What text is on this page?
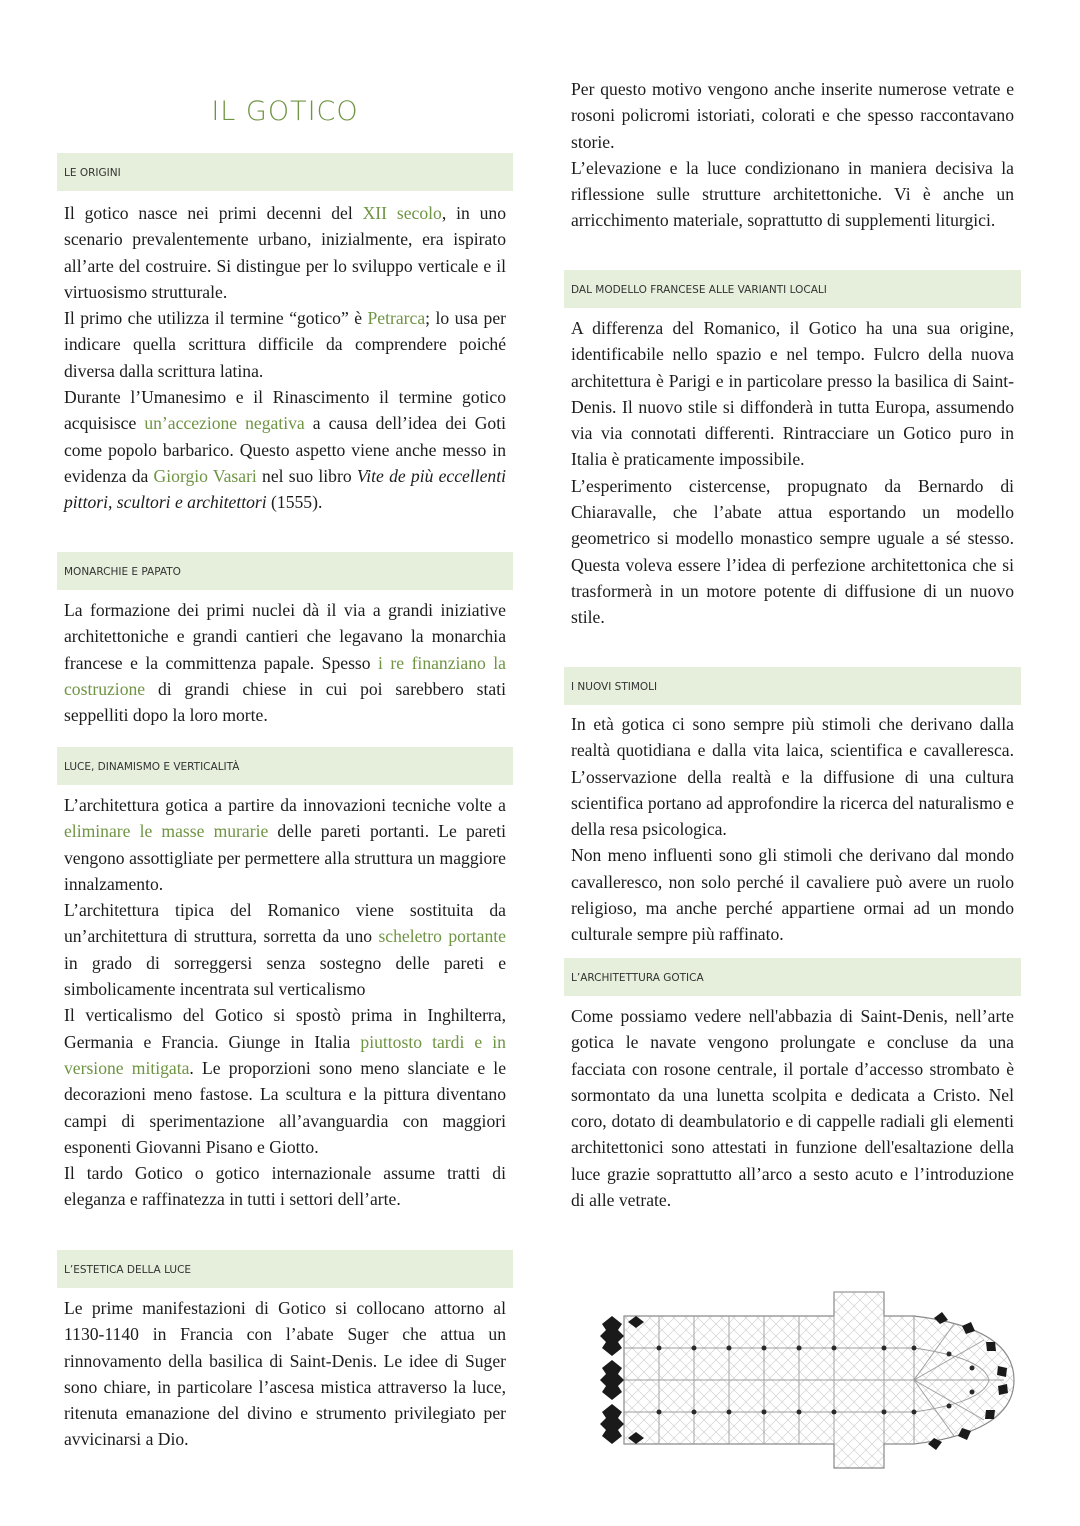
IL GOTICO
LE ORIGINI

Il gotico nasce nei primi decenni del XII secolo, in uno scenario prevalentemente urbano, inizialmente, era ispirato all’arte del costruire. Si distingue per lo sviluppo verticale e il virtuosismo strutturale.

Il primo che utilizza il termine “gotico” è Petrarca; lo usa per indicare quella scrittura difficile da comprendere poiché diversa dalla scrittura latina.

Durante l’Umanesimo e il Rinascimento il termine gotico acquisisce un’accezione negativa a causa dell’idea dei Goti come popolo barbarico. Questo aspetto viene anche messo in evidenza da Giorgio Vasari nel suo libro Vite de più eccellenti pittori, scultori e architettori (1555).

MONARCHIE E PAPATO

La formazione dei primi nuclei dà il via a grandi iniziative architettoniche e grandi cantieri che legavano la monarchia francese e la committenza papale. Spesso i re finanziano la costruzione di grandi chiese in cui poi sarebbero stati seppelliti dopo la loro morte.

LUCE, DINAMISMO E VERTICALITÀ

L’architettura gotica a partire da innovazioni tecniche volte a eliminare le masse murarie delle pareti portanti. Le pareti vengono assottigliate per permettere alla struttura un maggiore innalzamento.

L’architettura tipica del Romanico viene sostituita da un’architettura di struttura, sorretta da uno scheletro portante in grado di sorreggersi senza sostegno delle pareti e simbolicamente incentrata sul verticalismo

Il verticalismo del Gotico si spostò prima in Inghilterra, Germania e Francia. Giunge in Italia piuttosto tardi e in versione mitigata. Le proporzioni sono meno slanciate e le decorazioni meno fastose. La scultura e la pittura diventano campi di sperimentazione all’avanguardia con maggiori esponenti Giovanni Pisano e Giotto.

Il tardo Gotico o gotico internazionale assume tratti di eleganza e raffinatezza in tutti i settori dell’arte.

L’ESTETICA DELLA LUCE

Le prime manifestazioni di Gotico si collocano attorno al 1130-1140 in Francia con l’abate Suger che attua un rinnovamento della basilica di Saint-Denis. Le idee di Suger sono chiare, in particolare l’ascesa mistica attraverso la luce, ritenuta emanazione del divino e strumento privilegiato per avvicinarsi a Dio.

Per questo motivo vengono anche inserite numerose vetrate e rosoni policromi istoriati, colorati e che spesso raccontavano storie.

L’elevazione e la luce condizionano in maniera decisiva la riflessione sulle strutture architettoniche. Vi è anche un arricchimento materiale, soprattutto di supplementi liturgici.

DAL MODELLO FRANCESE ALLE VARIANTI LOCALI

A differenza del Romanico, il Gotico ha una sua origine, identificabile nello spazio e nel tempo. Fulcro della nuova architettura è Parigi e in particolare presso la basilica di Saint-Denis. Il nuovo stile si diffonderà in tutta Europa, assumendo via via connotati differenti. Rintracciare un Gotico puro in Italia è praticamente impossibile.

L’esperimento cistercense, propugnato da Bernardo di Chiaravalle, che l’abate attua esportando un modello geometrico si modello monastico sempre uguale a sé stesso. Questa voleva essere l’idea di perfezione architettonica che si trasformerà in un motore potente di diffusione di un nuovo stile.

I NUOVI STIMOLI

In età gotica ci sono sempre più stimoli che derivano dalla realtà quotidiana e dalla vita laica, scientifica e cavalleresca. L’osservazione della realtà e la diffusione di una cultura scientifica portano ad approfondire la ricerca del naturalismo e della resa psicologica.

Non meno influenti sono gli stimoli che derivano dal mondo cavalleresco, non solo perché il cavaliere può avere un ruolo religioso, ma anche perché appartiene ormai ad un mondo culturale sempre più raffinato.

L’ARCHITETTURA GOTICA

Come possiamo vedere nell'abbazia di Saint-Denis, nell’arte gotica le navate vengono prolungate e concluse da una facciata con rosone centrale, il portale d’accesso strombato è sormontato da una lunetta scolpita e dedicata a Cristo. Nel coro, dotato di deambulatorio e di cappelle radiali gli elementi architettonici sono attestati in funzione dell'esaltazione della luce grazie soprattutto all’arco a sesto acuto e l’introduzione di alle vetrate.
